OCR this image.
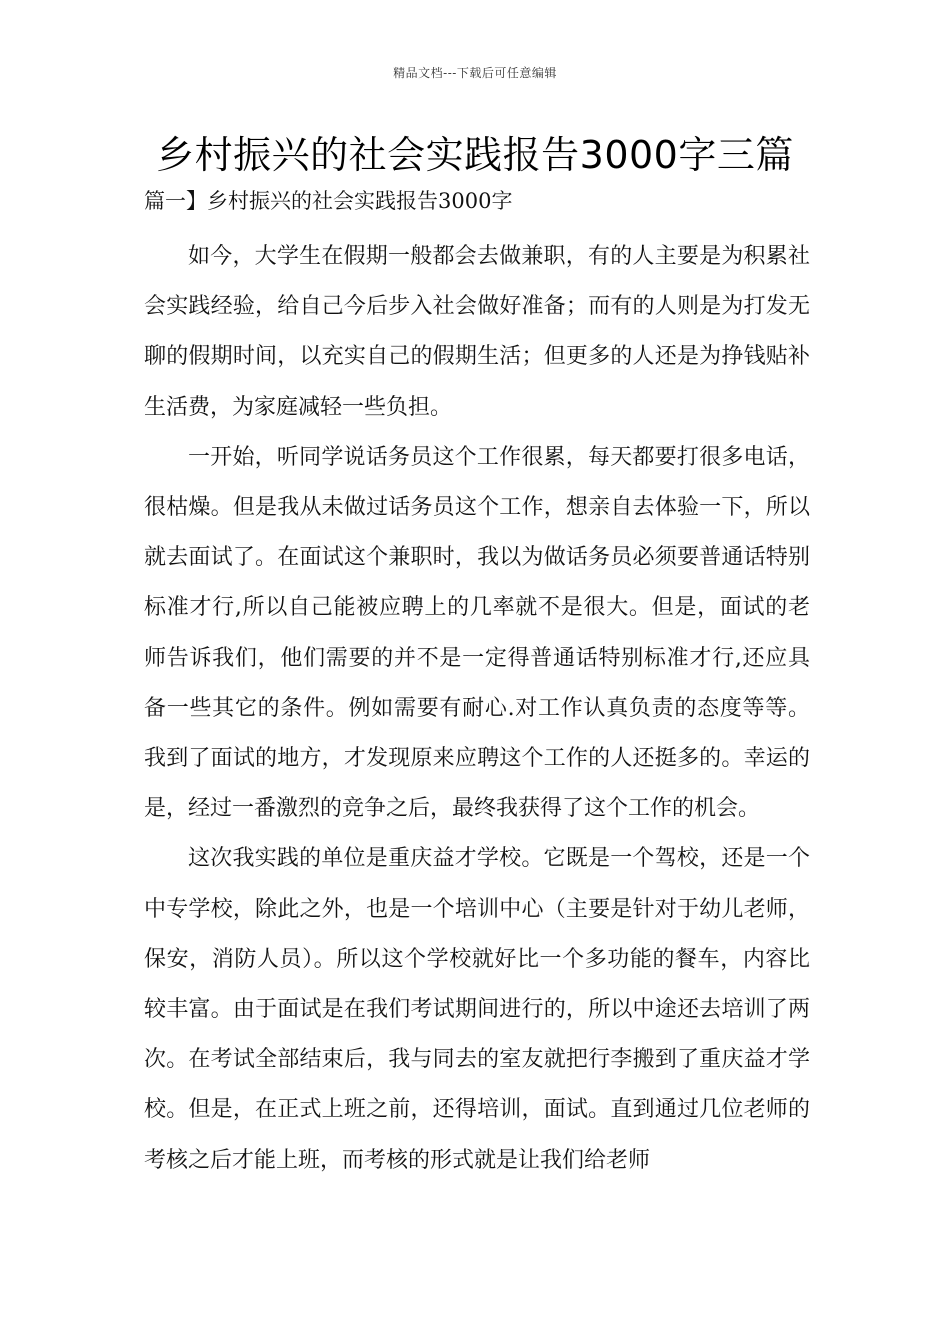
精品文档---下载后可任意编辑
乡村振兴的社会实践报告3000字三篇
篇一】乡村振兴的社会实践报告3000字

如今，大学生在假期一般都会去做兼职，有的人主要是为积累社会实践经验，给自己今后步入社会做好准备；而有的人则是为打发无聊的假期时间，以充实自己的假期生活；但更多的人还是为挣钱贴补生活费，为家庭减轻一些负担。

一开始，听同学说话务员这个工作很累，每天都要打很多电话，很枯燥。但是我从未做过话务员这个工作，想亲自去体验一下，所以就去面试了。在面试这个兼职时，我以为做话务员必须要普通话特别标准才行,所以自己能被应聘上的几率就不是很大。但是，面试的老师告诉我们，他们需要的并不是一定得普通话特别标准才行,还应具备一些其它的条件。例如需要有耐心.对工作认真负责的态度等等。我到了面试的地方，才发现原来应聘这个工作的人还挺多的。幸运的是，经过一番激烈的竞争之后，最终我获得了这个工作的机会。

这次我实践的单位是重庆益才学校。它既是一个驾校，还是一个中专学校，除此之外，也是一个培训中心（主要是针对于幼儿老师，保安，消防人员）。所以这个学校就好比一个多功能的餐车，内容比较丰富。由于面试是在我们考试期间进行的，所以中途还去培训了两次。在考试全部结束后，我与同去的室友就把行李搬到了重庆益才学校。但是，在正式上班之前，还得培训，面试。直到通过几位老师的考核之后才能上班，而考核的形式就是让我们给老师
